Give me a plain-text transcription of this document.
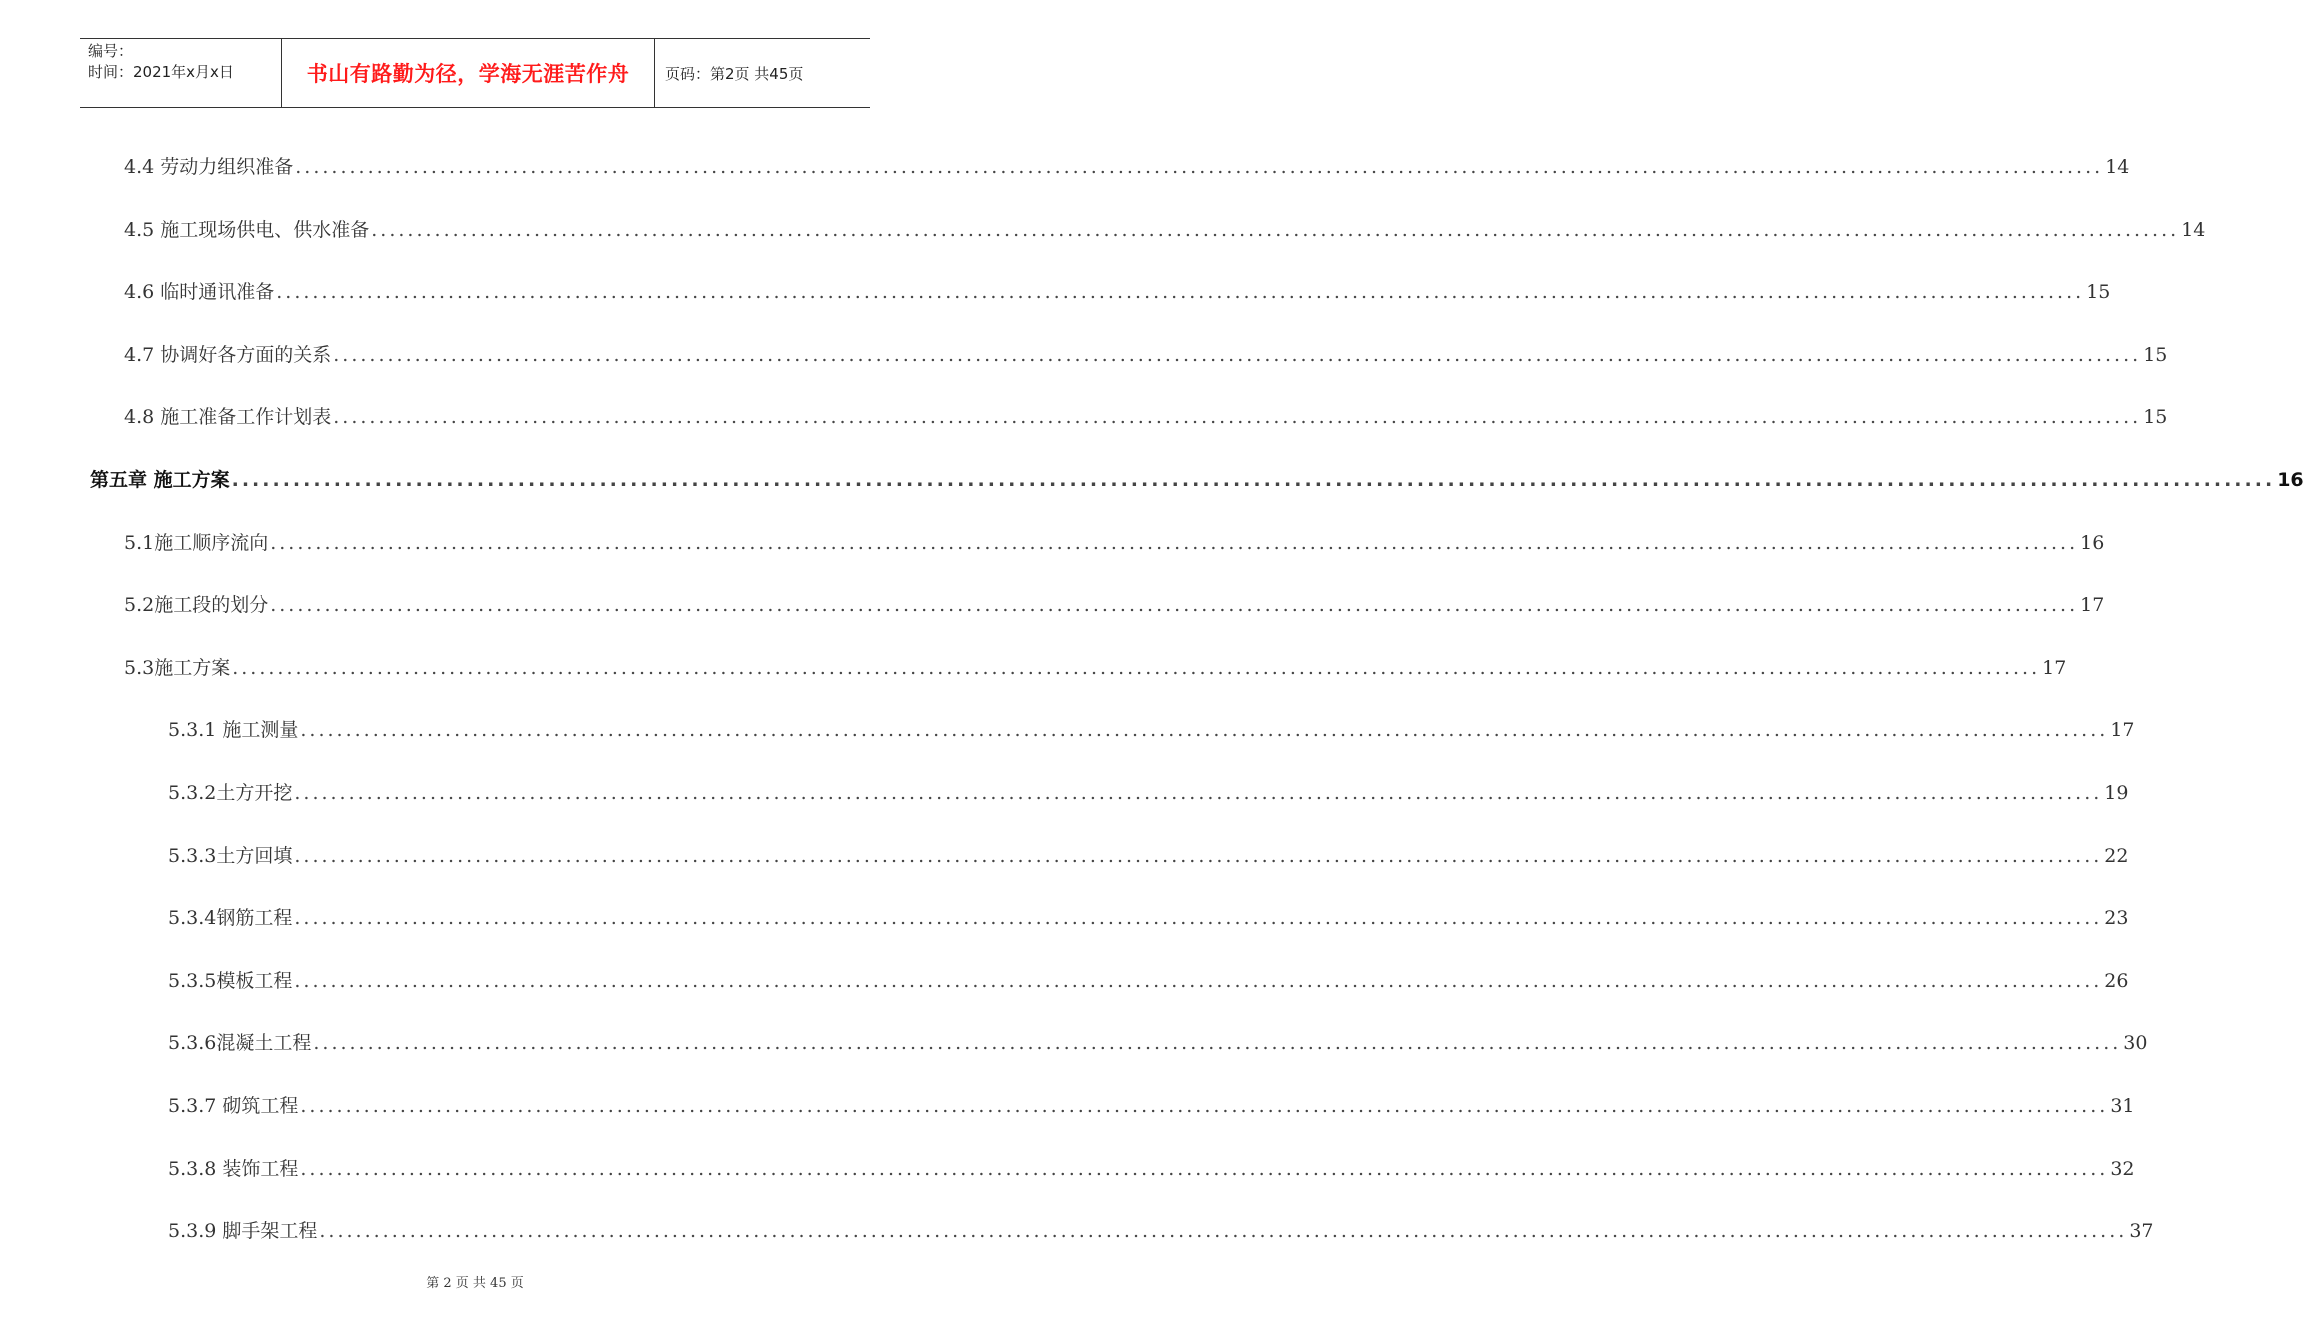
编号：
时间：2021年x月x日	书山有路勤为径，学海无涯苦作舟	页码：第2页 共45页
4.4 劳动力组织准备 ........................................................................................................................................................................................................ 14
4.5 施工现场供电、供水准备 ........................................................................................................................................................................................................ 14
4.6 临时通讯准备 ........................................................................................................................................................................................................ 15
4.7 协调好各方面的关系 ........................................................................................................................................................................................................ 15
4.8 施工准备工作计划表 ........................................................................................................................................................................................................ 15
第五章 施工方案 ........................................................................................................................................................................................................ 16
5.1施工顺序流向 ........................................................................................................................................................................................................ 16
5.2施工段的划分 ........................................................................................................................................................................................................ 17
5.3施工方案 ........................................................................................................................................................................................................ 17
5.3.1 施工测量 ........................................................................................................................................................................................................ 17
5.3.2土方开挖 ........................................................................................................................................................................................................ 19
5.3.3土方回填 ........................................................................................................................................................................................................ 22
5.3.4钢筋工程 ........................................................................................................................................................................................................ 23
5.3.5模板工程 ........................................................................................................................................................................................................ 26
5.3.6混凝土工程 ........................................................................................................................................................................................................ 30
5.3.7 砌筑工程 ........................................................................................................................................................................................................ 31
5.3.8 装饰工程 ........................................................................................................................................................................................................ 32
5.3.9 脚手架工程 ........................................................................................................................................................................................................ 37
第 2 页 共 45 页
